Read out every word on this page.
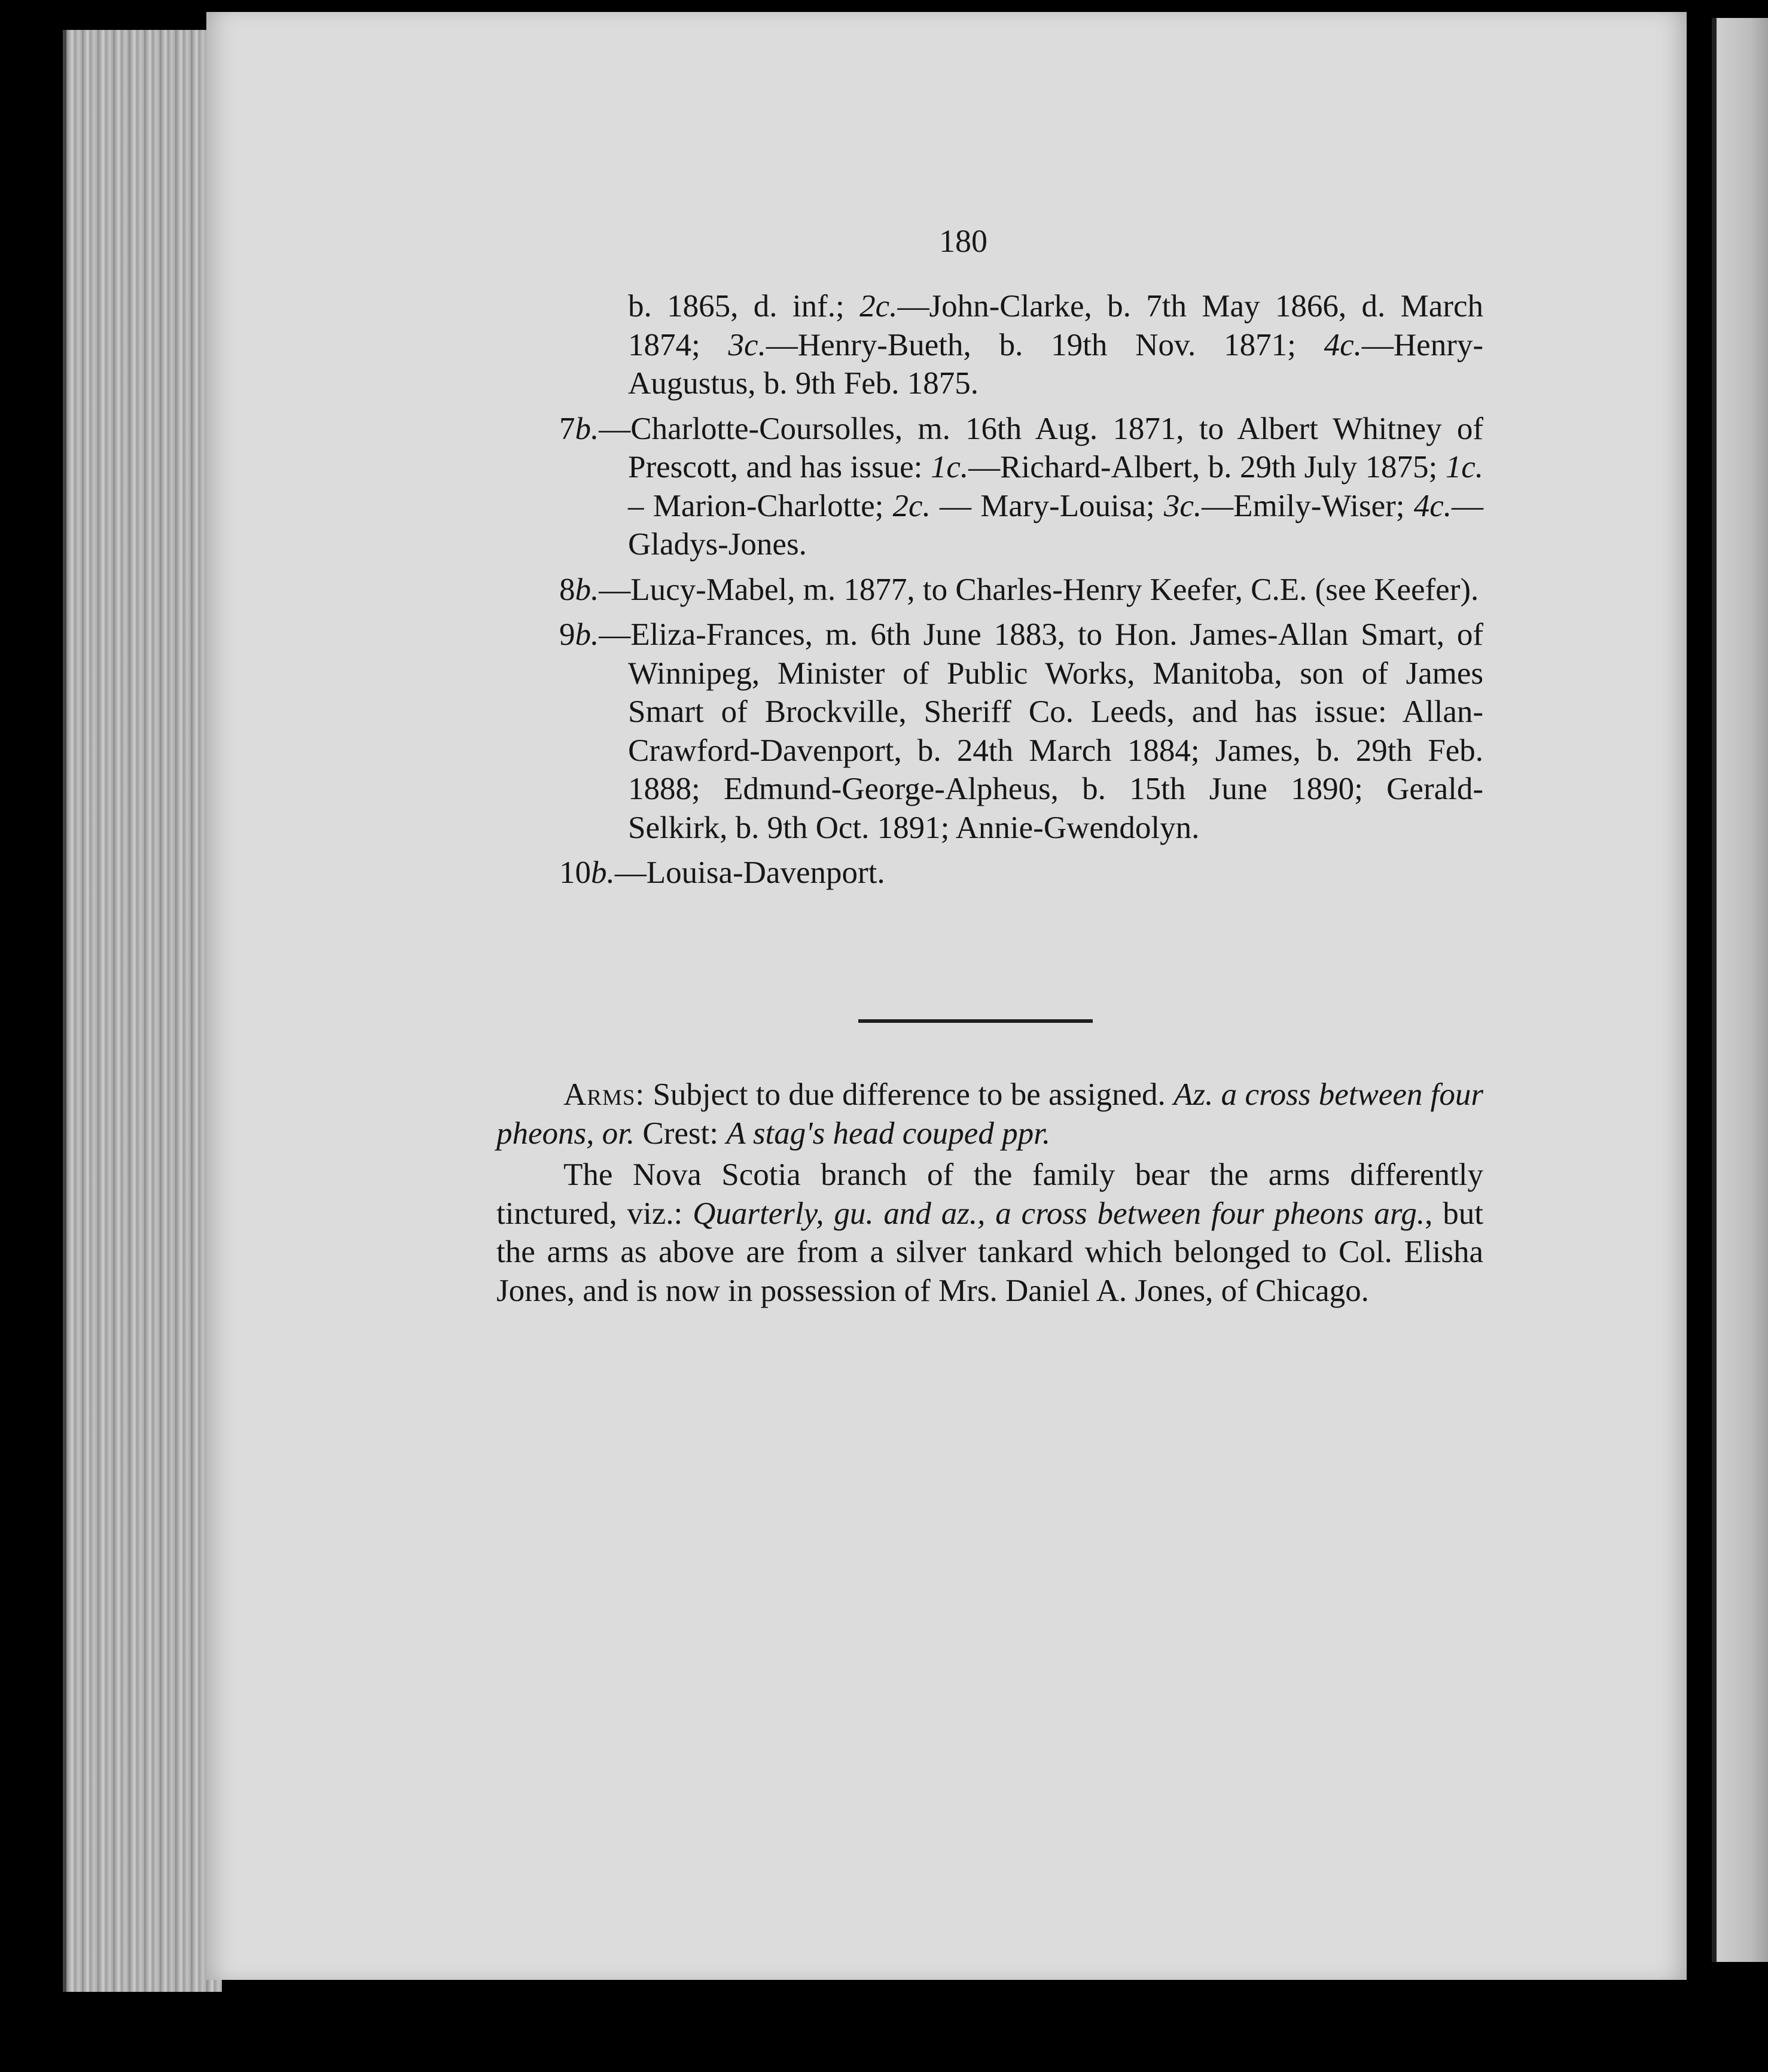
180

b. 1865, d. inf.; 2c.—John-Clarke, b. 7th May 1866, d. March 1874; 3c.—Henry-Bueth, b. 19th Nov. 1871; 4c.—Henry-Augustus, b. 9th Feb. 1875.

7b.—Charlotte-Coursolles, m. 16th Aug. 1871, to Albert Whitney of Prescott, and has issue: 1c.—Richard-Albert, b. 29th July 1875; 1c. – Marion-Charlotte; 2c. — Mary-Louisa; 3c.—Emily-Wiser; 4c.—Gladys-Jones.

8b.—Lucy-Mabel, m. 1877, to Charles-Henry Keefer, C.E. (see Keefer).

9b.—Eliza-Frances, m. 6th June 1883, to Hon. James-Allan Smart, of Winnipeg, Minister of Public Works, Manitoba, son of James Smart of Brockville, Sheriff Co. Leeds, and has issue: Allan-Crawford-Davenport, b. 24th March 1884; James, b. 29th Feb. 1888; Edmund-George-Alpheus, b. 15th June 1890; Gerald-Selkirk, b. 9th Oct. 1891; Annie-Gwendolyn.

10b.—Louisa-Davenport.

Arms: Subject to due difference to be assigned. Az. a cross between four pheons, or. Crest: A stag's head couped ppr.

The Nova Scotia branch of the family bear the arms differently tinctured, viz.: Quarterly, gu. and az., a cross between four pheons arg., but the arms as above are from a silver tankard which belonged to Col. Elisha Jones, and is now in possession of Mrs. Daniel A. Jones, of Chicago.
